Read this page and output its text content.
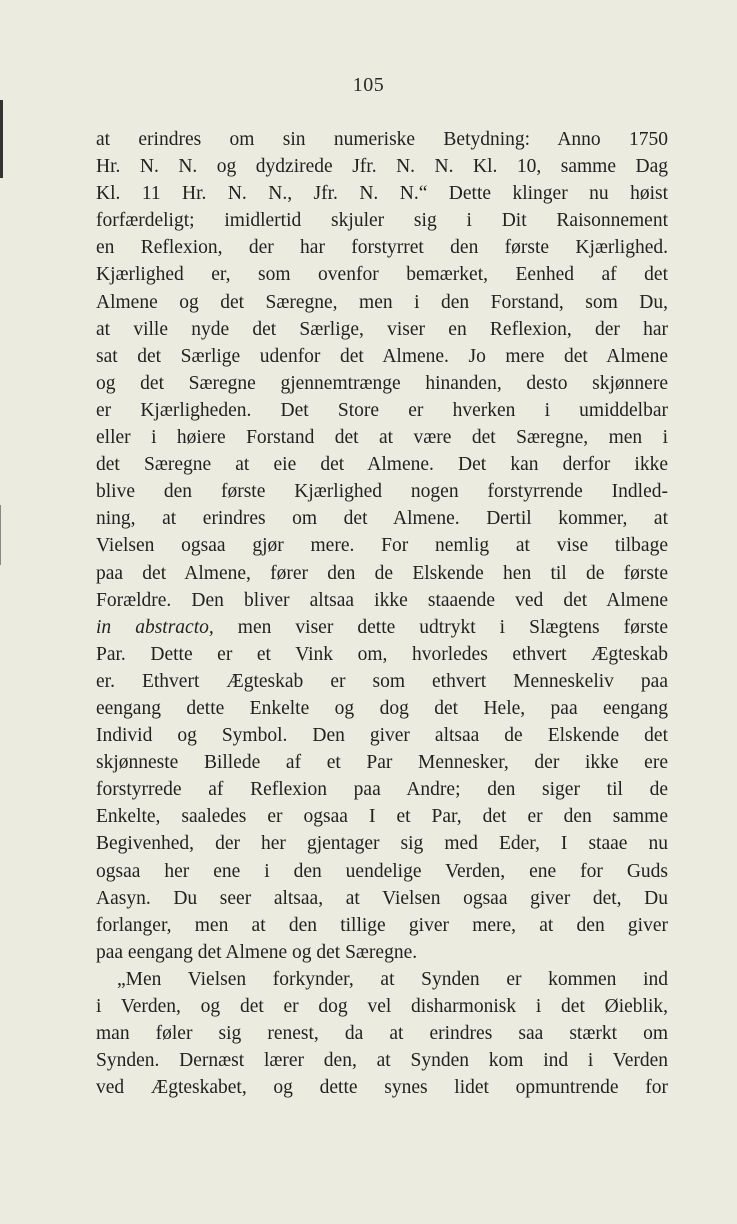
105
at erindres om sin numeriske Betydning: Anno 1750
Hr. N. N. og dydzirede Jfr. N. N. Kl. 10, samme Dag
Kl. 11 Hr. N. N., Jfr. N. N.“ Dette klinger nu høist
forfærdeligt; imidlertid skjuler sig i Dit Raisonnement
en Reflexion, der har forstyrret den første Kjærlighed.
Kjærlighed er, som ovenfor bemærket, Eenhed af det
Almene og det Særegne, men i den Forstand, som Du,
at ville nyde det Særlige, viser en Reflexion, der har
sat det Særlige udenfor det Almene. Jo mere det Almene
og det Særegne gjennemtrænge hinanden, desto skjønnere
er Kjærligheden. Det Store er hverken i umiddelbar
eller i høiere Forstand det at være det Særegne, men i
det Særegne at eie det Almene. Det kan derfor ikke
blive den første Kjærlighed nogen forstyrrende Indled-
ning, at erindres om det Almene. Dertil kommer, at
Vielsen ogsaa gjør mere. For nemlig at vise tilbage
paa det Almene, fører den de Elskende hen til de første
Forældre. Den bliver altsaa ikke staaende ved det Almene
in abstracto, men viser dette udtrykt i Slægtens første
Par. Dette er et Vink om, hvorledes ethvert Ægteskab
er. Ethvert Ægteskab er som ethvert Menneskeliv paa
eengang dette Enkelte og dog det Hele, paa eengang
Individ og Symbol. Den giver altsaa de Elskende det
skjønneste Billede af et Par Mennesker, der ikke ere
forstyrrede af Reflexion paa Andre; den siger til de
Enkelte, saaledes er ogsaa I et Par, det er den samme
Begivenhed, der her gjentager sig med Eder, I staae nu
ogsaa her ene i den uendelige Verden, ene for Guds
Aasyn. Du seer altsaa, at Vielsen ogsaa giver det, Du
forlanger, men at den tillige giver mere, at den giver
paa eengang det Almene og det Særegne.
„Men Vielsen forkynder, at Synden er kommen ind
i Verden, og det er dog vel disharmonisk i det Øieblik,
man føler sig renest, da at erindres saa stærkt om
Synden. Dernæst lærer den, at Synden kom ind i Verden
ved Ægteskabet, og dette synes lidet opmuntrende for
